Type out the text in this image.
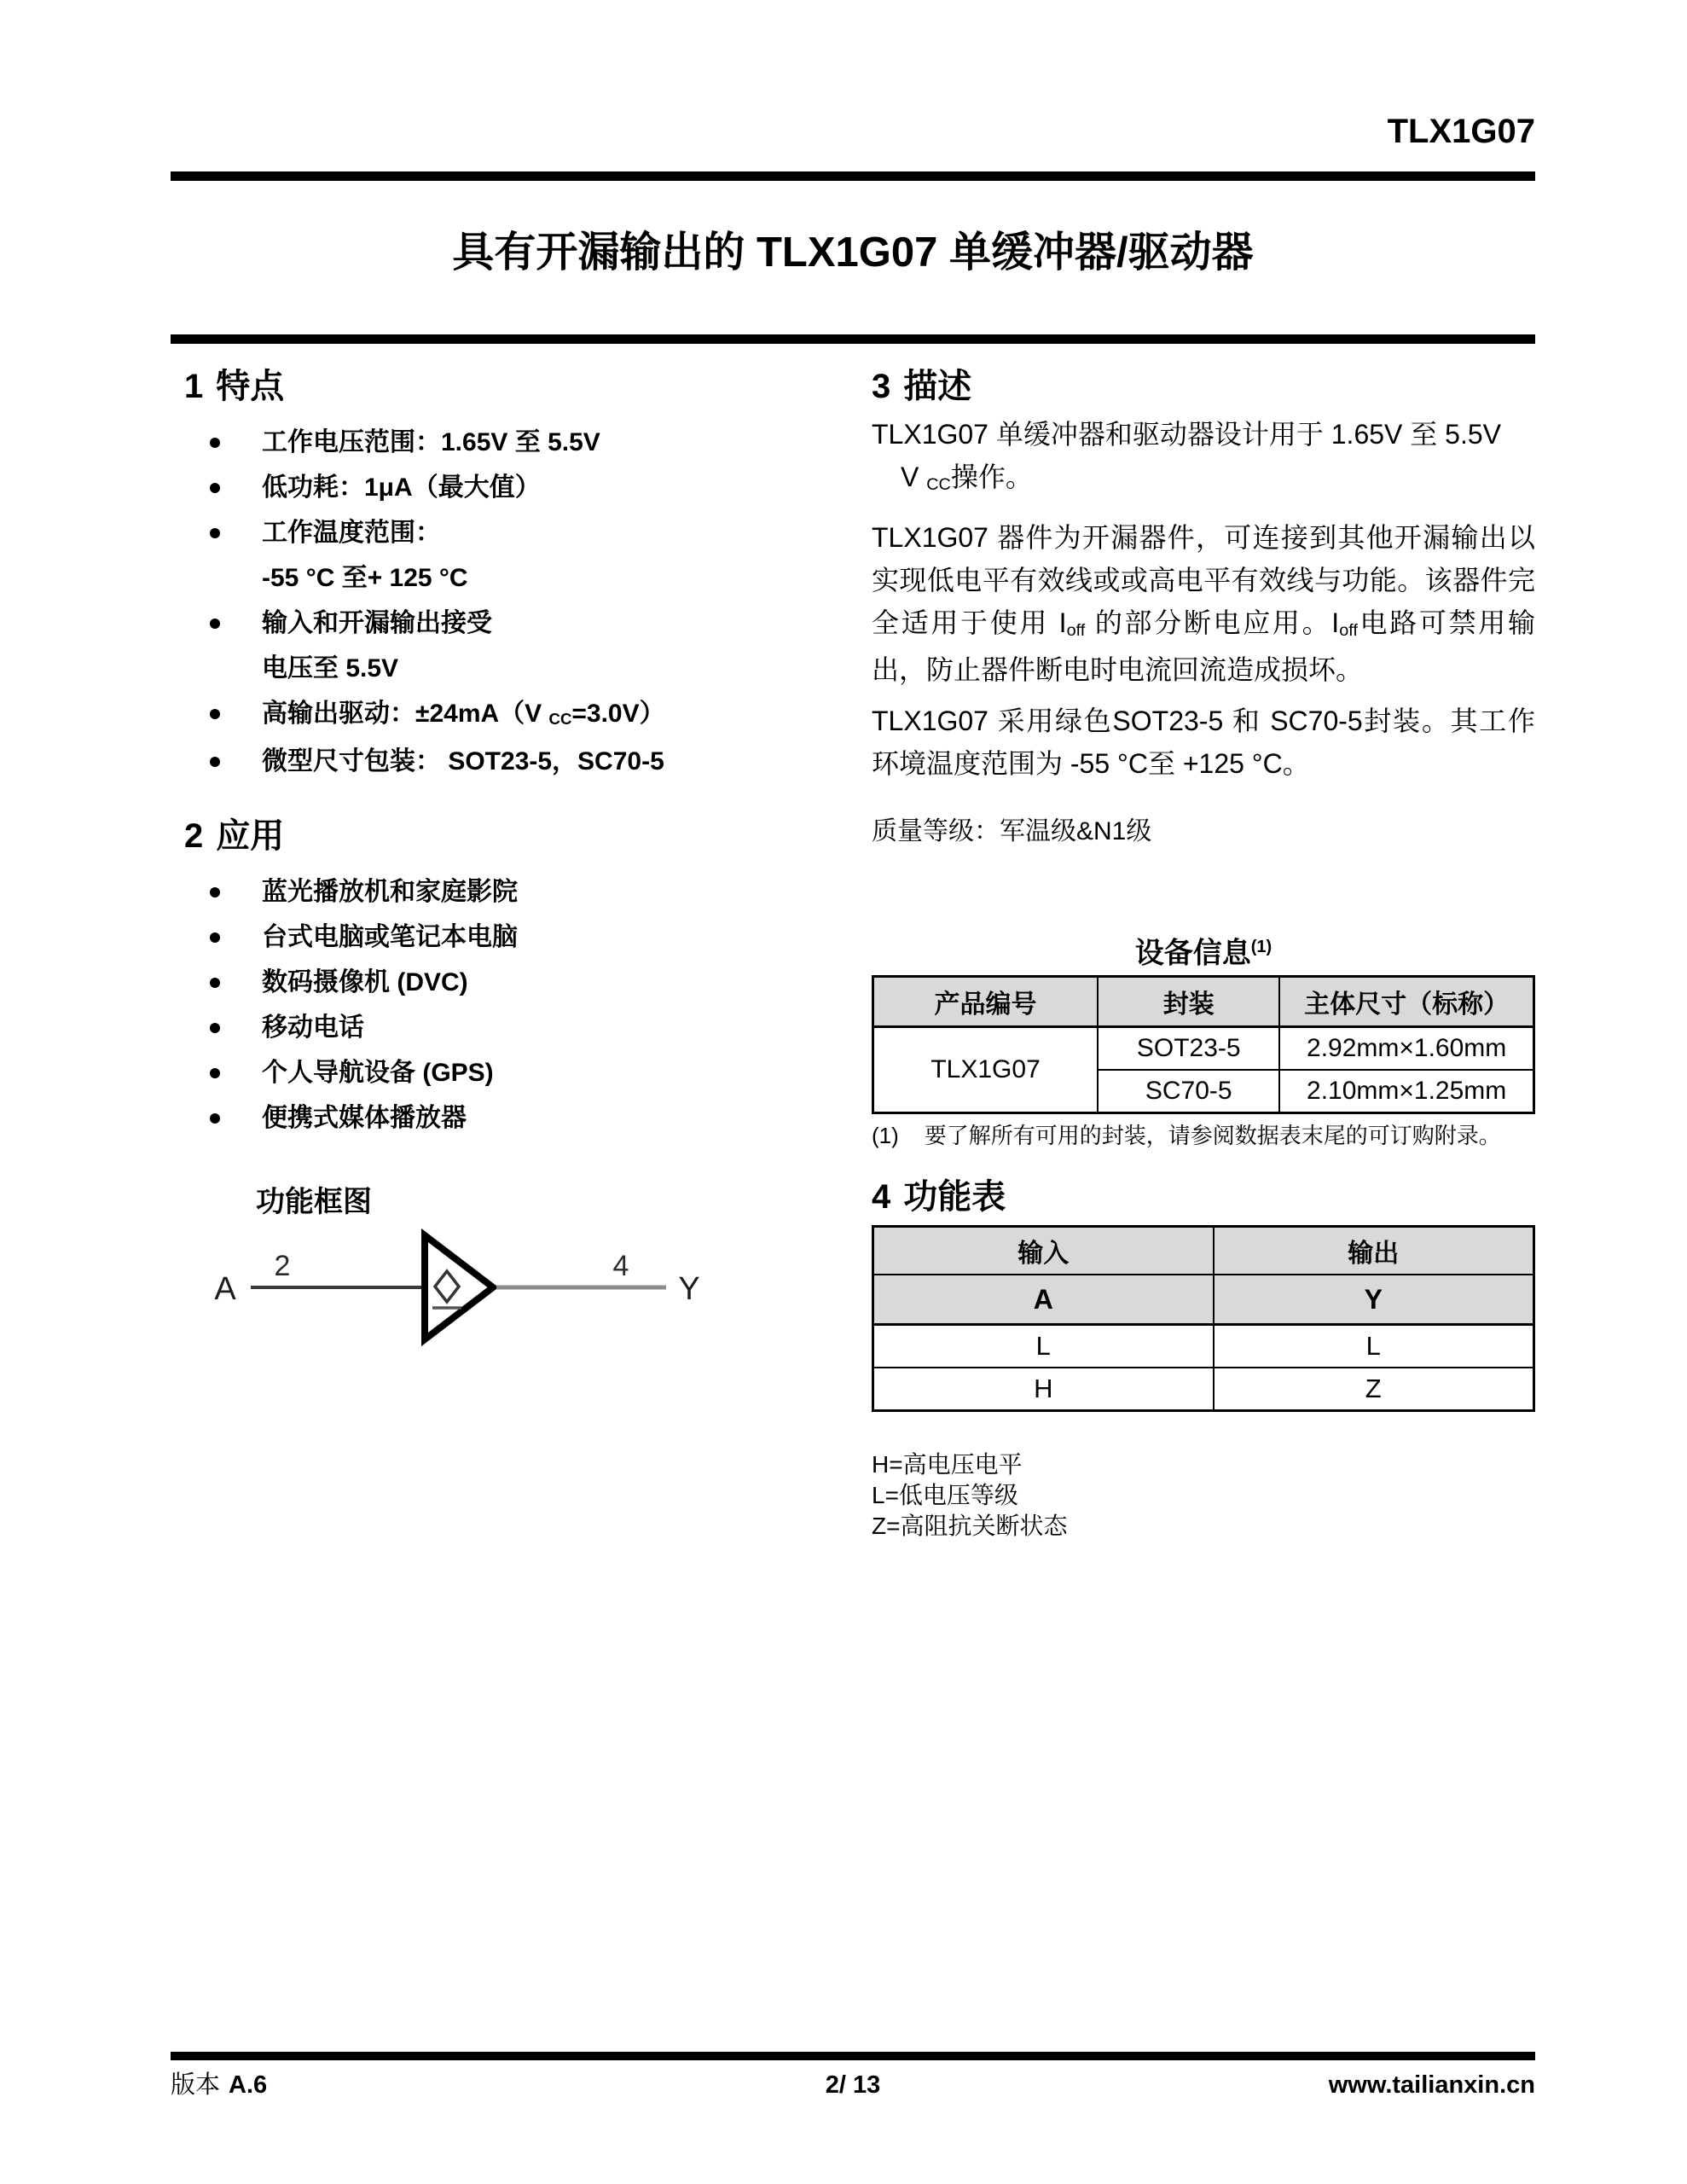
TLX1G07
具有开漏输出的 TLX1G07 单缓冲器/驱动器
1 特点
工作电压范围：1.65V 至 5.5V
低功耗：1μA（最大值）
工作温度范围：
-55 °C 至+ 125 °C
输入和开漏输出接受
电压至 5.5V
高输出驱动：±24mA（V CC=3.0V）
微型尺寸包装： SOT23-5，SC70-5
2 应用
蓝光播放机和家庭影院
台式电脑或笔记本电脑
数码摄像机 (DVC)
移动电话
个人导航设备 (GPS)
便携式媒体播放器
功能框图
A
2	4
Y
3 描述
TLX1G07 单缓冲器和驱动器设计用于 1.65V 至 5.5V
V CC操作。

TLX1G07 器件为开漏器件，可连接到其他开漏输出以实现低电平有效线或或高电平有效线与功能。该器件完全适用于使用 Ioff 的部分断电应用。Ioff电路可禁用输出，防止器件断电时电流回流造成损坏。

TLX1G07 采用绿色SOT23-5 和 SC70-5封装。其工作环境温度范围为 -55 °C至 +125 °C。

质量等级：军温级&N1级
设备信息$^{(1)}$
产品编号	封装	主体尺寸（标称）
TLX1G07	SOT23-5	2.92mm×1.60mm
	SC70-5	2.10mm×1.25mm
(1) 要了解所有可用的封装，请参阅数据表末尾的可订购附录。
4 功能表
输入	输出
A	Y
L	L
H	Z
H=高电压电平
L=低电压等级
Z=高阻抗关断状态
版本 A.6	2/ 13	www.tailianxin.cn
